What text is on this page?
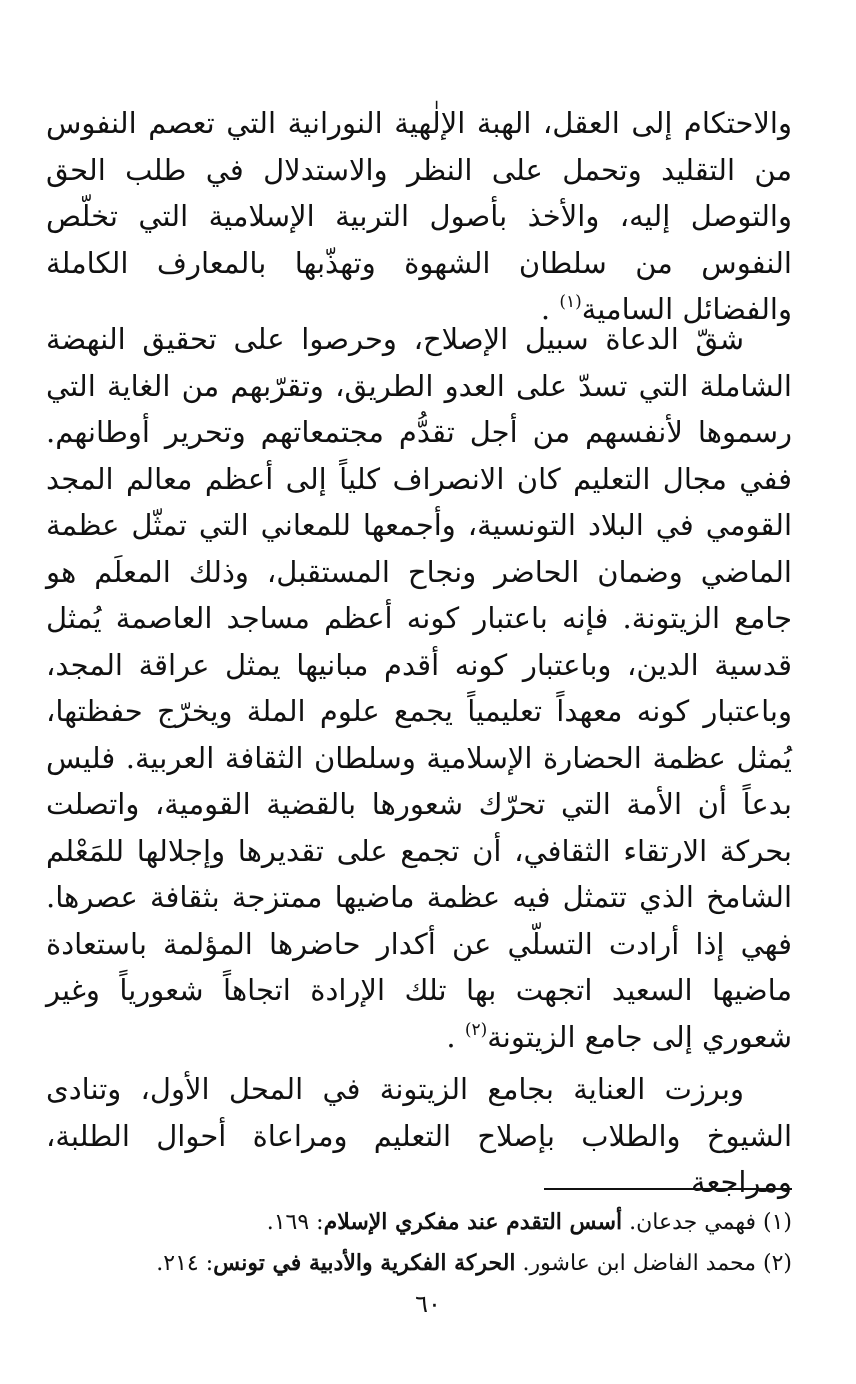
والاحتكام إلى العقل، الهبة الإلٰهية النورانية التي تعصم النفوس من التقليد وتحمل على النظر والاستدلال في طلب الحق والتوصل إليه، والأخذ بأصول التربية الإسلامية التي تخلّص النفوس من سلطان الشهوة وتهذّبها بالمعارف الكاملة والفضائل السامية$^{(١)}$ .

شقّ الدعاة سبيل الإصلاح، وحرصوا على تحقيق النهضة الشاملة التي تسدّ على العدو الطريق، وتقرّبهم من الغاية التي رسموها لأنفسهم من أجل تقدُّم مجتمعاتهم وتحرير أوطانهم. ففي مجال التعليم كان الانصراف كلياً إلى أعظم معالم المجد القومي في البلاد التونسية، وأجمعها للمعاني التي تمثّل عظمة الماضي وضمان الحاضر ونجاح المستقبل، وذلك المعلَم هو جامع الزيتونة. فإنه باعتبار كونه أعظم مساجد العاصمة يُمثل قدسية الدين، وباعتبار كونه أقدم مبانيها يمثل عراقة المجد، وباعتبار كونه معهداً تعليمياً يجمع علوم الملة ويخرّج حفظتها، يُمثل عظمة الحضارة الإسلامية وسلطان الثقافة العربية. فليس بدعاً أن الأمة التي تحرّك شعورها بالقضية القومية، واتصلت بحركة الارتقاء الثقافي، أن تجمع على تقديرها وإجلالها للمَعْلم الشامخ الذي تتمثل فيه عظمة ماضيها ممتزجة بثقافة عصرها. فهي إذا أرادت التسلّي عن أكدار حاضرها المؤلمة باستعادة ماضيها السعيد اتجهت بها تلك الإرادة اتجاهاً شعورياً وغير شعوري إلى جامع الزيتونة$^{(٢)}$ .

وبرزت العناية بجامع الزيتونة في المحل الأول، وتنادى الشيوخ والطلاب بإصلاح التعليم ومراعاة أحوال الطلبة، ومراجعة

(١) فهمي جدعان. أسس التقدم عند مفكري الإسلام: ١٦٩.

(٢) محمد الفاضل ابن عاشور. الحركة الفكرية والأدبية في تونس: ٢١٤.

٦٠
